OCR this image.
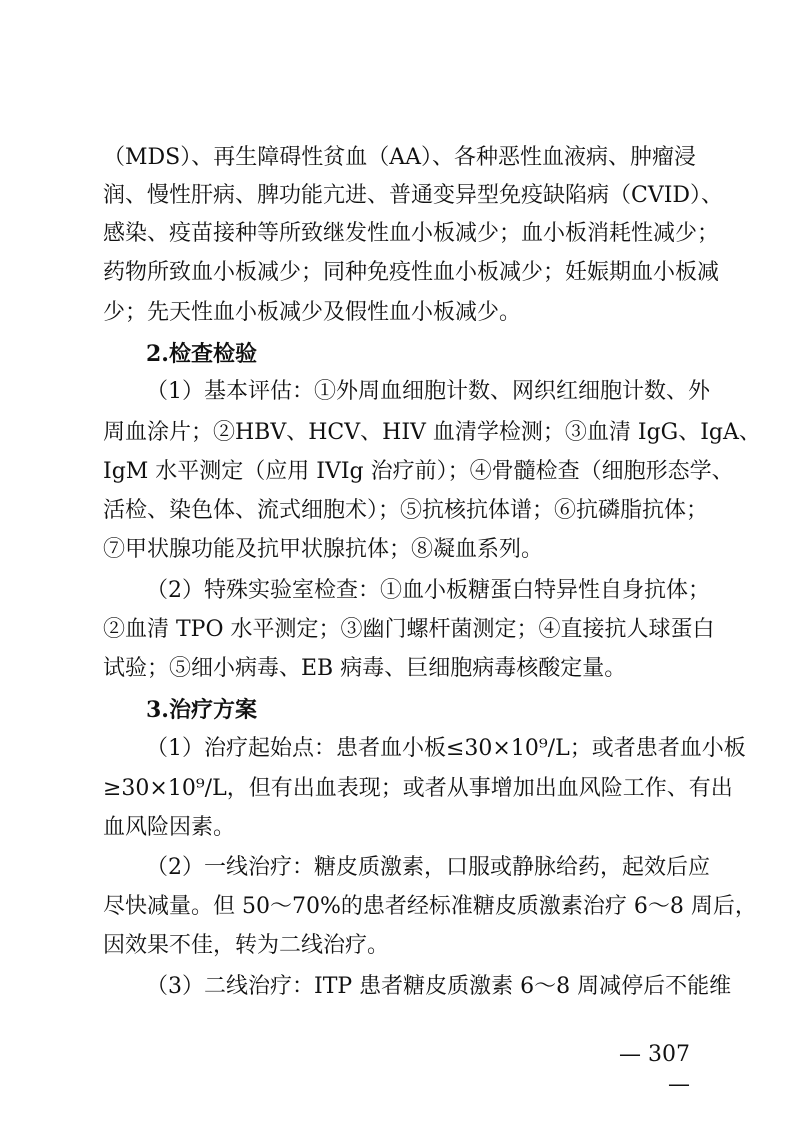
（MDS）、再生障碍性贫血（AA）、各种恶性血液病、肿瘤浸
润、慢性肝病、脾功能亢进、普通变异型免疫缺陷病（CVID）、
感染、疫苗接种等所致继发性血小板减少；血小板消耗性减少；
药物所致血小板减少；同种免疫性血小板减少；妊娠期血小板减
少；先天性血小板减少及假性血小板减少。
2.检查检验
（1）基本评估：①外周血细胞计数、网织红细胞计数、外
周血涂片；②HBV、HCV、HIV 血清学检测；③血清 IgG、IgA、
IgM 水平测定（应用 IVIg 治疗前）；④骨髓检查（细胞形态学、
活检、染色体、流式细胞术）；⑤抗核抗体谱；⑥抗磷脂抗体；
⑦甲状腺功能及抗甲状腺抗体；⑧凝血系列。
（2）特殊实验室检查：①血小板糖蛋白特异性自身抗体；
②血清 TPO 水平测定；③幽门螺杆菌测定；④直接抗人球蛋白
试验；⑤细小病毒、EB 病毒、巨细胞病毒核酸定量。
3.治疗方案
（1）治疗起始点：患者血小板≤30×10⁹/L；或者患者血小板
≥30×10⁹/L，但有出血表现；或者从事增加出血风险工作、有出
血风险因素。
（2）一线治疗：糖皮质激素，口服或静脉给药，起效后应
尽快减量。但 50～70%的患者经标准糖皮质激素治疗 6～8 周后，
因效果不佳，转为二线治疗。
（3）二线治疗：ITP 患者糖皮质激素 6～8 周减停后不能维
— 307 —
